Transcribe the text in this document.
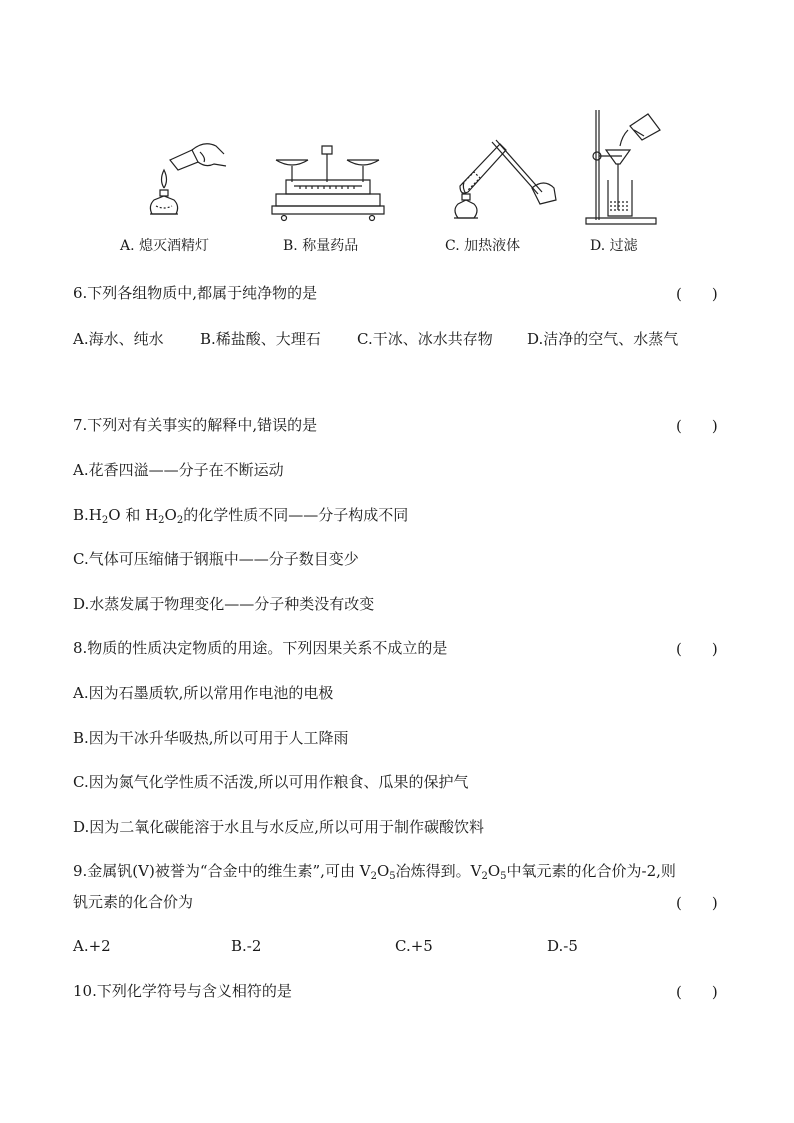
A. 熄灭酒精灯	B. 称量药品	C. 加热液体	D. 过滤
6.下列各组物质中,都属于纯净物的是	(　　)
A.海水、纯水 B.稀盐酸、大理石 C.干冰、冰水共存物 D.洁净的空气、水蒸气
7.下列对有关事实的解释中,错误的是	(　　)
A.花香四溢——分子在不断运动
$B.H_2O$ 和 $H_2O_2$的化学性质不同——分子构成不同
C.气体可压缩储于钢瓶中——分子数目变少
D.水蒸发属于物理变化——分子种类没有改变
8.物质的性质决定物质的用途。下列因果关系不成立的是	(　　)
A.因为石墨质软,所以常用作电池的电极
B.因为干冰升华吸热,所以可用于人工降雨
C.因为氮气化学性质不活泼,所以可用作粮食、瓜果的保护气
D.因为二氧化碳能溶于水且与水反应,所以可用于制作碳酸饮料
9.金属钒(V)被誉为“合金中的维生素”,可由 $V_2O_5$冶炼得到。$V_2O_5$中氧元素的化合价为-2,则
钒元素的化合价为	(　　)
A.+2	B.-2	C.+5	D.-5
10.下列化学符号与含义相符的是	(　　)
